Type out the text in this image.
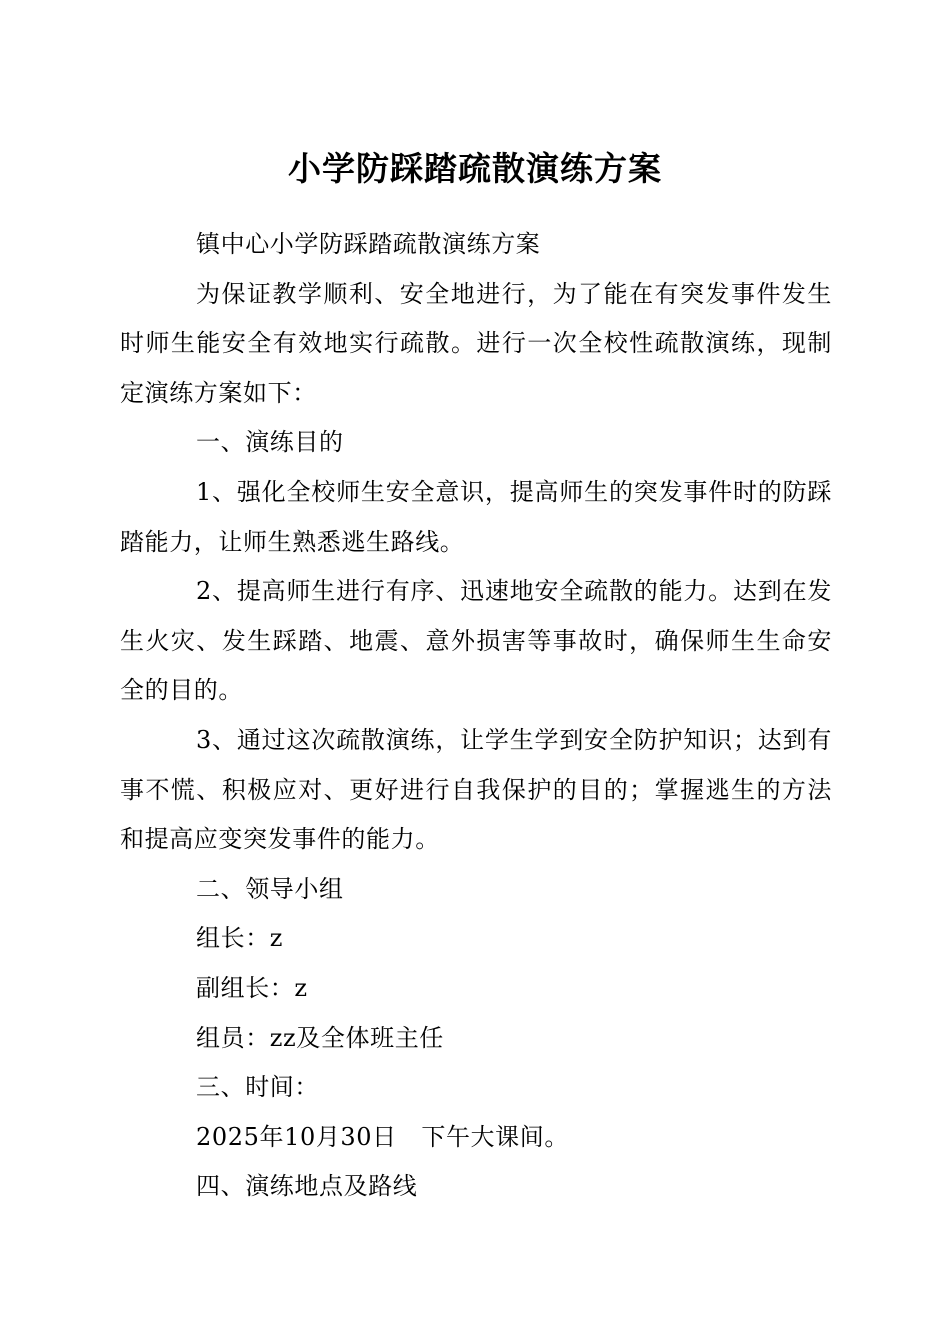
小学防踩踏疏散演练方案

镇中心小学防踩踏疏散演练方案

为保证教学顺利、安全地进行，为了能在有突发事件发生时师生能安全有效地实行疏散。进行一次全校性疏散演练，现制定演练方案如下：

一、演练目的

1、强化全校师生安全意识，提高师生的突发事件时的防踩踏能力，让师生熟悉逃生路线。

2、提高师生进行有序、迅速地安全疏散的能力。达到在发生火灾、发生踩踏、地震、意外损害等事故时，确保师生生命安全的目的。

3、通过这次疏散演练，让学生学到安全防护知识；达到有事不慌、积极应对、更好进行自我保护的目的；掌握逃生的方法和提高应变突发事件的能力。

二、领导小组

组长：z

副组长：z

组员：zz及全体班主任

三、时间：

2025年10月30日　下午大课间。

四、演练地点及路线
